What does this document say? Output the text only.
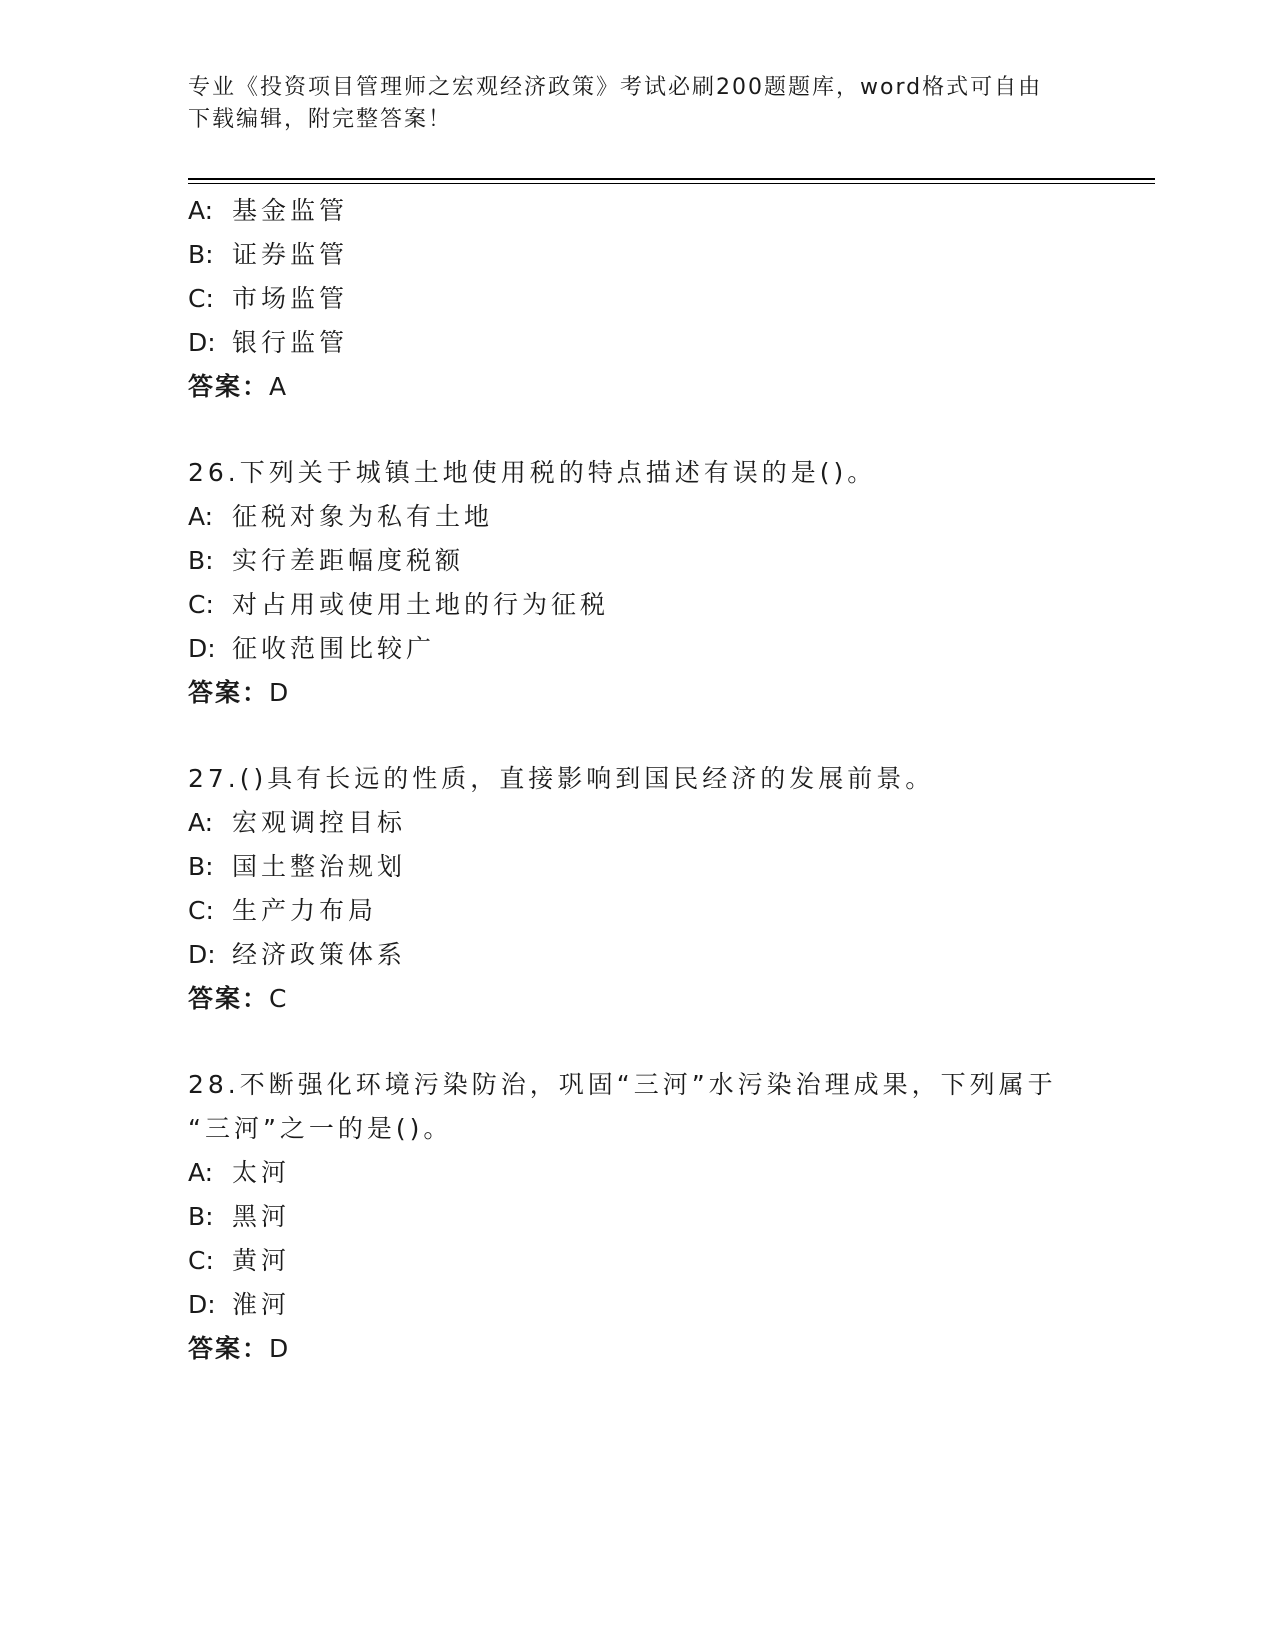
专业《投资项目管理师之宏观经济政策》考试必刷200题题库，word格式可自由
下载编辑，附完整答案！
A: 基金监管
B: 证券监管
C: 市场监管
D: 银行监管
答案：A
26.下列关于城镇土地使用税的特点描述有误的是()。
A: 征税对象为私有土地
B: 实行差距幅度税额
C: 对占用或使用土地的行为征税
D: 征收范围比较广
答案：D
27.()具有长远的性质，直接影响到国民经济的发展前景。
A: 宏观调控目标
B: 国土整治规划
C: 生产力布局
D: 经济政策体系
答案：C
28.不断强化环境污染防治，巩固“三河”水污染治理成果，下列属于
“三河”之一的是()。
A: 太河
B: 黑河
C: 黄河
D: 淮河
答案：D
